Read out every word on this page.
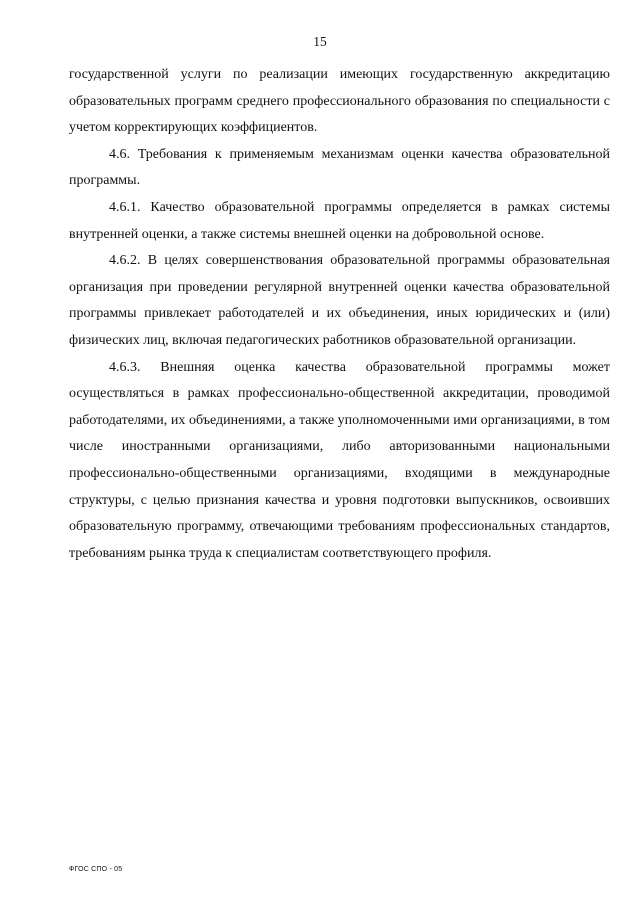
15

государственной услуги по реализации имеющих государственную аккредитацию образовательных программ среднего профессионального образования по специальности с учетом корректирующих коэффициентов.

4.6. Требования к применяемым механизмам оценки качества образовательной программы.

4.6.1. Качество образовательной программы определяется в рамках системы внутренней оценки, а также системы внешней оценки на добровольной основе.

4.6.2. В целях совершенствования образовательной программы образовательная организация при проведении регулярной внутренней оценки качества образовательной программы привлекает работодателей и их объединения, иных юридических и (или) физических лиц, включая педагогических работников образовательной организации.

4.6.3. Внешняя оценка качества образовательной программы может осуществляться в рамках профессионально-общественной аккредитации, проводимой работодателями, их объединениями, а также уполномоченными ими организациями, в том числе иностранными организациями, либо авторизованными национальными профессионально-общественными организациями, входящими в международные структуры, с целью признания качества и уровня подготовки выпускников, освоивших образовательную программу, отвечающими требованиям профессиональных стандартов, требованиям рынка труда к специалистам соответствующего профиля.

ФГОС СПО - 05
